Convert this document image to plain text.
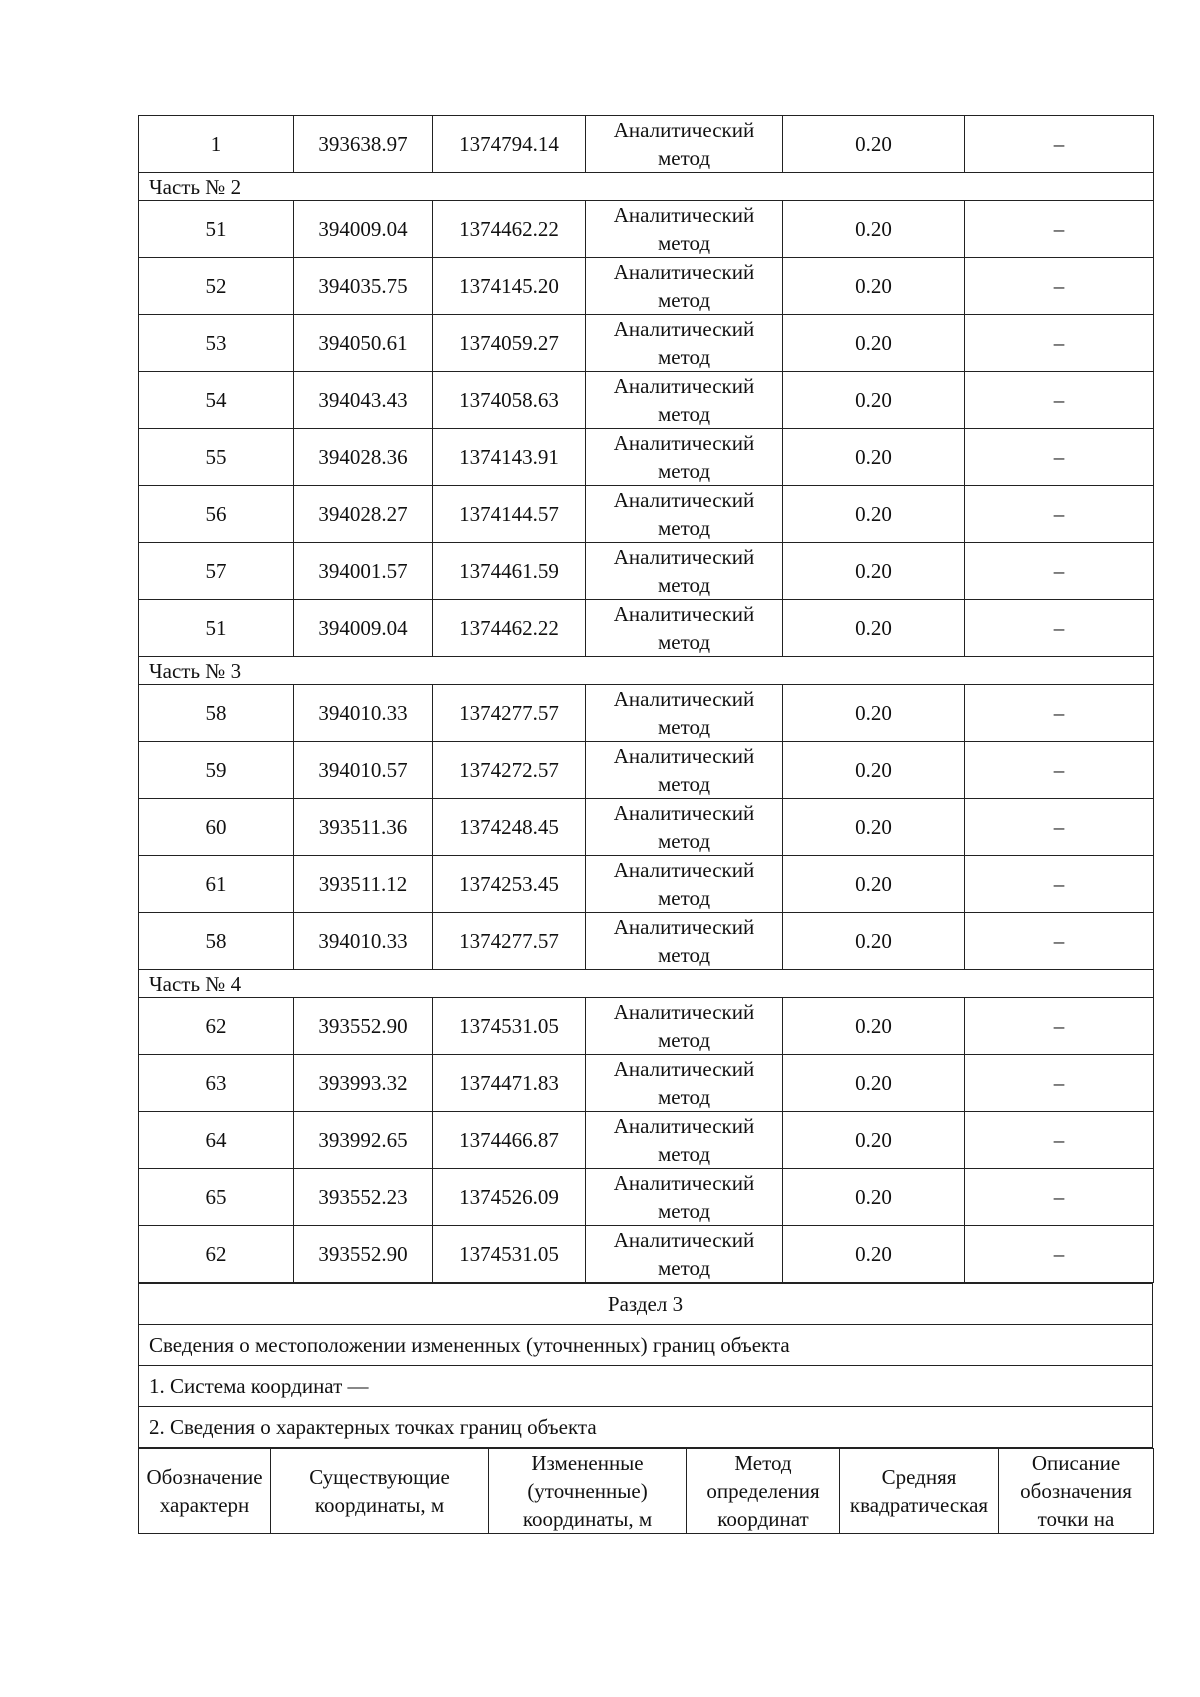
1	393638.97	1374794.14	Аналитический метод	0.20	–
Часть № 2					
51	394009.04	1374462.22	Аналитический метод	0.20	–
52	394035.75	1374145.20	Аналитический метод	0.20	–
53	394050.61	1374059.27	Аналитический метод	0.20	–
54	394043.43	1374058.63	Аналитический метод	0.20	–
55	394028.36	1374143.91	Аналитический метод	0.20	–
56	394028.27	1374144.57	Аналитический метод	0.20	–
57	394001.57	1374461.59	Аналитический метод	0.20	–
51	394009.04	1374462.22	Аналитический метод	0.20	–
Часть № 3					
58	394010.33	1374277.57	Аналитический метод	0.20	–
59	394010.57	1374272.57	Аналитический метод	0.20	–
60	393511.36	1374248.45	Аналитический метод	0.20	–
61	393511.12	1374253.45	Аналитический метод	0.20	–
58	394010.33	1374277.57	Аналитический метод	0.20	–
Часть № 4					
62	393552.90	1374531.05	Аналитический метод	0.20	–
63	393993.32	1374471.83	Аналитический метод	0.20	–
64	393992.65	1374466.87	Аналитический метод	0.20	–
65	393552.23	1374526.09	Аналитический метод	0.20	–
62	393552.90	1374531.05	Аналитический метод	0.20	–
Раздел 3
Сведения о местоположении измененных (уточненных) границ объекта
1. Система координат —
2. Сведения о характерных точках границ объекта
Обозначение характерн	Существующие координаты, м	Измененные (уточненные) координаты, м	Метод определения координат	Средняя квадратическая	Описание обозначения точки на
